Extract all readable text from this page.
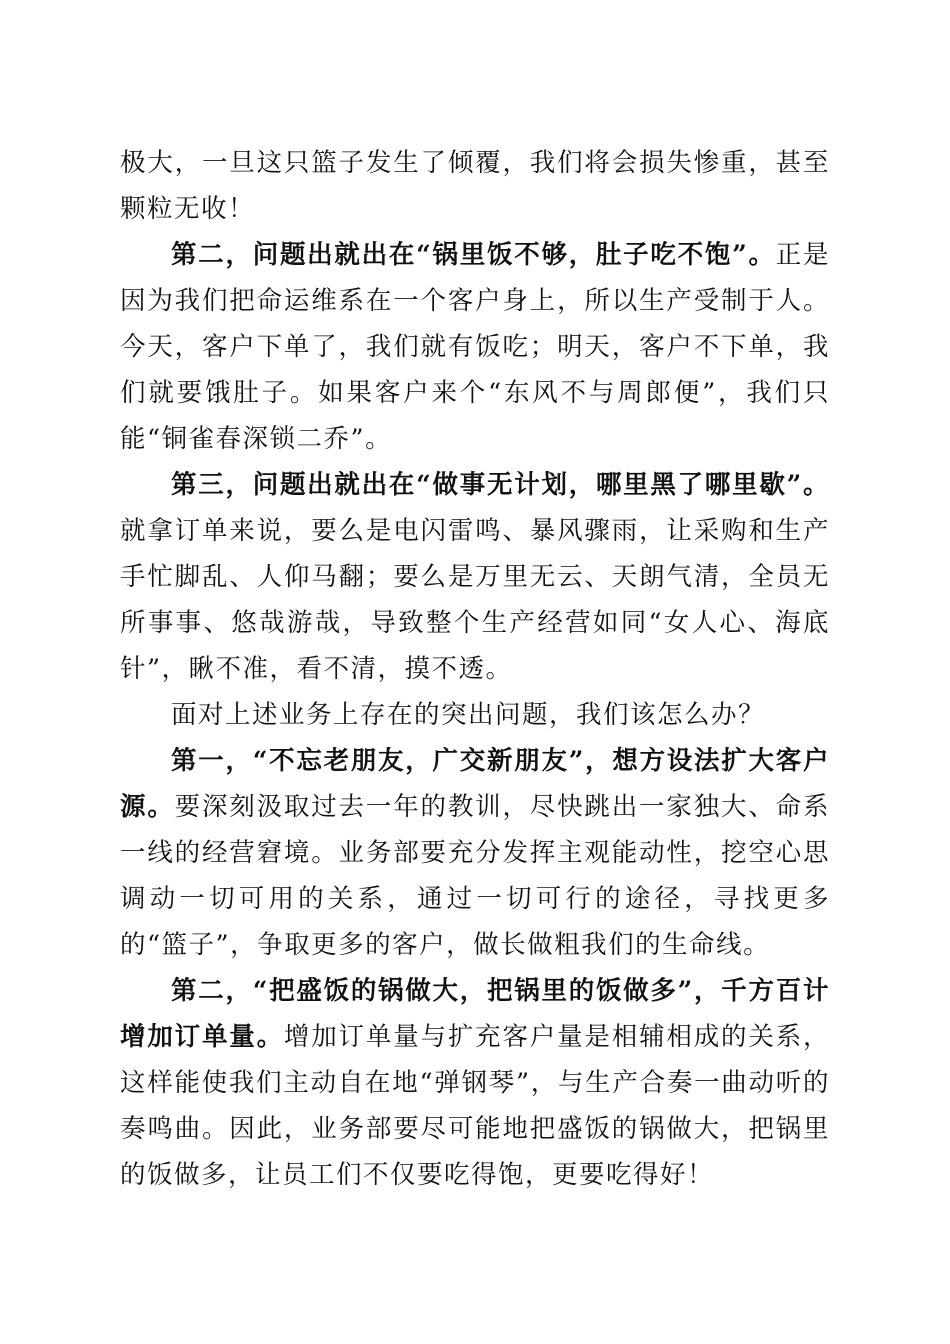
极大，一旦这只篮子发生了倾覆，我们将会损失惨重，甚至颗粒无收！

第二，问题出就出在“锅里饭不够，肚子吃不饱”。正是因为我们把命运维系在一个客户身上，所以生产受制于人。今天，客户下单了，我们就有饭吃；明天，客户不下单，我们就要饿肚子。如果客户来个“东风不与周郎便”，我们只能“铜雀春深锁二乔”。

第三，问题出就出在“做事无计划，哪里黑了哪里歇”。就拿订单来说，要么是电闪雷鸣、暴风骤雨，让采购和生产手忙脚乱、人仰马翻；要么是万里无云、天朗气清，全员无所事事、悠哉游哉，导致整个生产经营如同“女人心、海底针”，瞅不准，看不清，摸不透。

面对上述业务上存在的突出问题，我们该怎么办？

第一，“不忘老朋友，广交新朋友”，想方设法扩大客户源。要深刻汲取过去一年的教训，尽快跳出一家独大、命系一线的经营窘境。业务部要充分发挥主观能动性，挖空心思调动一切可用的关系，通过一切可行的途径，寻找更多的“篮子”，争取更多的客户，做长做粗我们的生命线。

第二，“把盛饭的锅做大，把锅里的饭做多”，千方百计增加订单量。增加订单量与扩充客户量是相辅相成的关系，这样能使我们主动自在地“弹钢琴”，与生产合奏一曲动听的奏鸣曲。因此，业务部要尽可能地把盛饭的锅做大，把锅里的饭做多，让员工们不仅要吃得饱，更要吃得好！
